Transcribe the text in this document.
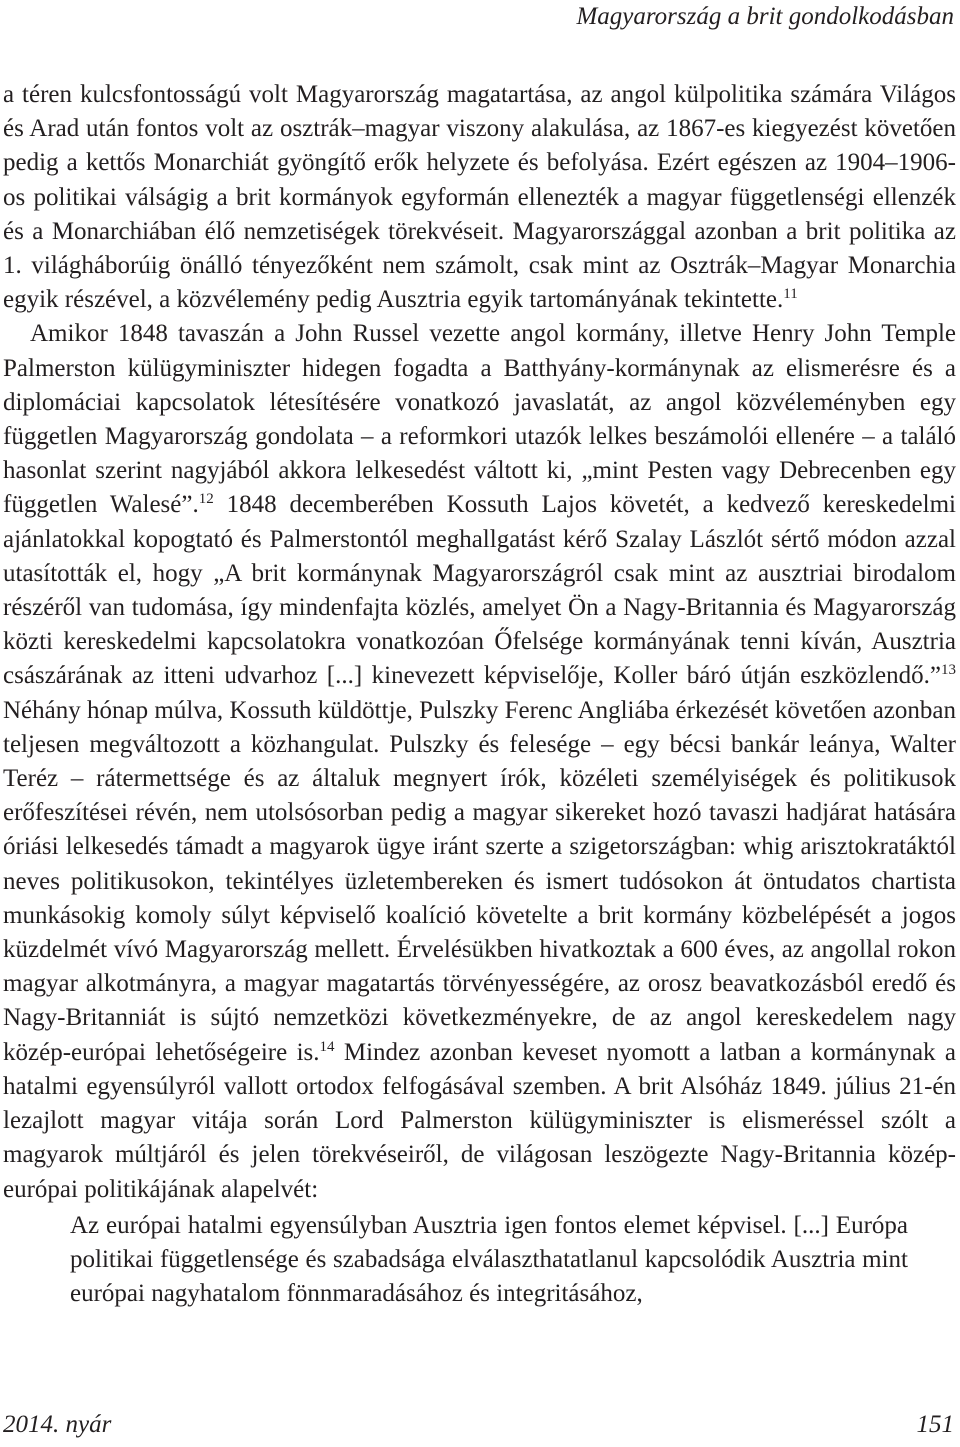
Magyarország a brit gondolkodásban

a téren kulcsfontosságú volt Magyarország magatartása, az angol külpolitika számára Világos és Arad után fontos volt az osztrák–magyar viszony alakulása, az 1867-es kiegyezést követően pedig a kettős Monarchiát gyöngítő erők helyzete és befolyása. Ezért egészen az 1904–1906-os politikai válságig a brit kormányok egyformán ellenezték a magyar függetlenségi ellenzék és a Monarchiában élő nemzetiségek törekvéseit. Magyarországgal azonban a brit politika az 1. világháborúig önálló tényezőként nem számolt, csak mint az Osztrák–Magyar Monarchia egyik részével, a közvélemény pedig Ausztria egyik tartományának tekintette.$^{11}$

Amikor 1848 tavaszán a John Russel vezette angol kormány, illetve Henry John Temple Palmerston külügyminiszter hidegen fogadta a Batthyány-kormánynak az elismerésre és a diplomáciai kapcsolatok létesítésére vonatkozó javaslatát, az angol közvéleményben egy független Magyarország gondolata – a reformkori utazók lelkes beszámolói ellenére – a találó hasonlat szerint nagyjából akkora lelkesedést váltott ki, „mint Pesten vagy Debrecenben egy független Walesé”.$^{12}$ 1848 decemberében Kossuth Lajos követét, a kedvező kereskedelmi ajánlatokkal kopogtató és Palmerstontól meghallgatást kérő Szalay Lászlót sértő módon azzal utasították el, hogy „A brit kormánynak Magyarországról csak mint az ausztriai birodalom részéről van tudomása, így mindenfajta közlés, amelyet Ön a Nagy-Britannia és Magyarország közti kereskedelmi kapcsolatokra vonatkozóan Őfelsége kormányának tenni kíván, Ausztria császárának az itteni udvarhoz [...] kinevezett képviselője, Koller báró útján eszközlendő.”$^{13}$ Néhány hónap múlva, Kossuth küldöttje, Pulszky Ferenc Angliába érkezését követően azonban teljesen megváltozott a közhangulat. Pulszky és felesége – egy bécsi bankár leánya, Walter Teréz – rátermettsége és az általuk megnyert írók, közéleti személyiségek és politikusok erőfeszítései révén, nem utolsósorban pedig a magyar sikereket hozó tavaszi hadjárat hatására óriási lelkesedés támadt a magyarok ügye iránt szerte a szigetországban: whig arisztokratáktól neves politikusokon, tekintélyes üzletembereken és ismert tudósokon át öntudatos chartista munkásokig komoly súlyt képviselő koalíció követelte a brit kormány közbelépését a jogos küzdelmét vívó Magyarország mellett. Érvelésükben hivatkoztak a 600 éves, az angollal rokon magyar alkotmányra, a magyar magatartás törvényességére, az orosz beavatkozásból eredő és Nagy-Britanniát is sújtó nemzetközi következményekre, de az angol kereskedelem nagy közép-európai lehetőségeire is.$^{14}$ Mindez azonban keveset nyomott a latban a kormánynak a hatalmi egyensúlyról vallott ortodox felfogásával szemben. A brit Alsóház 1849. július 21-én lezajlott magyar vitája során Lord Palmerston külügyminiszter is elismeréssel szólt a magyarok múltjáról és jelen törekvéseiről, de világosan leszögezte Nagy-Britannia közép-európai politikájának alapelvét:

Az európai hatalmi egyensúlyban Ausztria igen fontos elemet képvisel. [...] Európa politikai függetlensége és szabadsága elválaszthatatlanul kapcsolódik Ausztria mint európai nagyhatalom fönnmaradásához és integritásához,

2014. nyár	151
